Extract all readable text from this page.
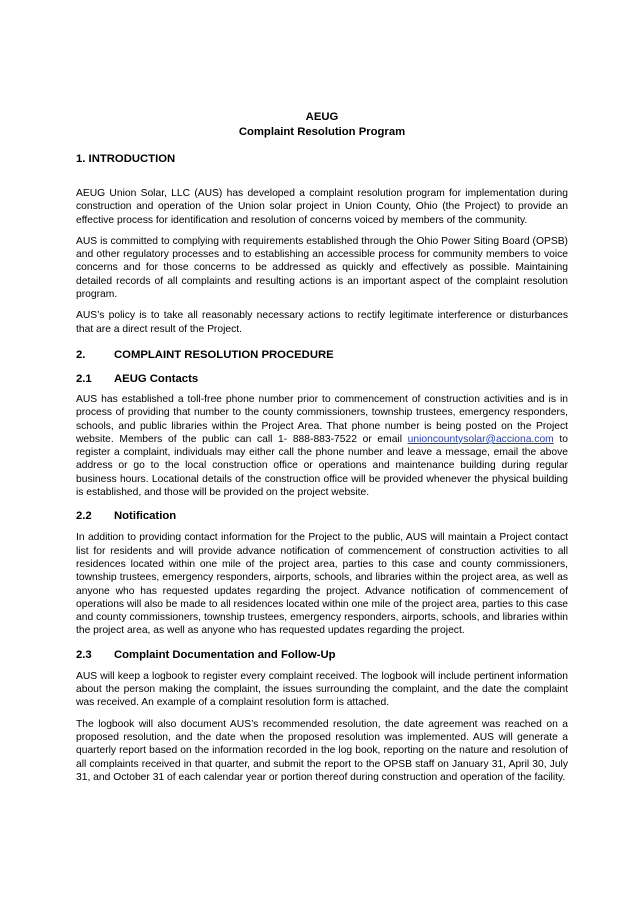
AEUG
Complaint Resolution Program
1. INTRODUCTION

AEUG Union Solar, LLC (AUS) has developed a complaint resolution program for implementation during construction and operation of the Union solar project in Union County, Ohio (the Project) to provide an effective process for identification and resolution of concerns voiced by members of the community.

AUS is committed to complying with requirements established through the Ohio Power Siting Board (OPSB) and other regulatory processes and to establishing an accessible process for community members to voice concerns and for those concerns to be addressed as quickly and effectively as possible. Maintaining detailed records of all complaints and resulting actions is an important aspect of the complaint resolution program.

AUS’s policy is to take all reasonably necessary actions to rectify legitimate interference or disturbances that are a direct result of the Project.

2.	COMPLAINT RESOLUTION PROCEDURE
2.1	AEUG Contacts

AUS has established a toll-free phone number prior to commencement of construction activities and is in process of providing that number to the county commissioners, township trustees, emergency responders, schools, and public libraries within the Project Area. That phone number is being posted on the Project website. Members of the public can call 1- 888-883-7522 or email unioncountysolar@acciona.com to register a complaint, individuals may either call the phone number and leave a message, email the above address or go to the local construction office or operations and maintenance building during regular business hours. Locational details of the construction office will be provided whenever the physical building is established, and those will be provided on the project website.

2.2	Notification

In addition to providing contact information for the Project to the public, AUS will maintain a Project contact list for residents and will provide advance notification of commencement of construction activities to all residences located within one mile of the project area, parties to this case and county commissioners, township trustees, emergency responders, airports, schools, and libraries within the project area, as well as anyone who has requested updates regarding the project. Advance notification of commencement of operations will also be made to all residences located within one mile of the project area, parties to this case and county commissioners, township trustees, emergency responders, airports, schools, and libraries within the project area, as well as anyone who has requested updates regarding the project.

2.3	Complaint Documentation and Follow-Up

AUS will keep a logbook to register every complaint received. The logbook will include pertinent information about the person making the complaint, the issues surrounding the complaint, and the date the complaint was received. An example of a complaint resolution form is attached.

The logbook will also document AUS’s recommended resolution, the date agreement was reached on a proposed resolution, and the date when the proposed resolution was implemented. AUS will generate a quarterly report based on the information recorded in the log book, reporting on the nature and resolution of all complaints received in that quarter, and submit the report to the OPSB staff on January 31, April 30, July 31, and October 31 of each calendar year or portion thereof during construction and operation of the facility.
